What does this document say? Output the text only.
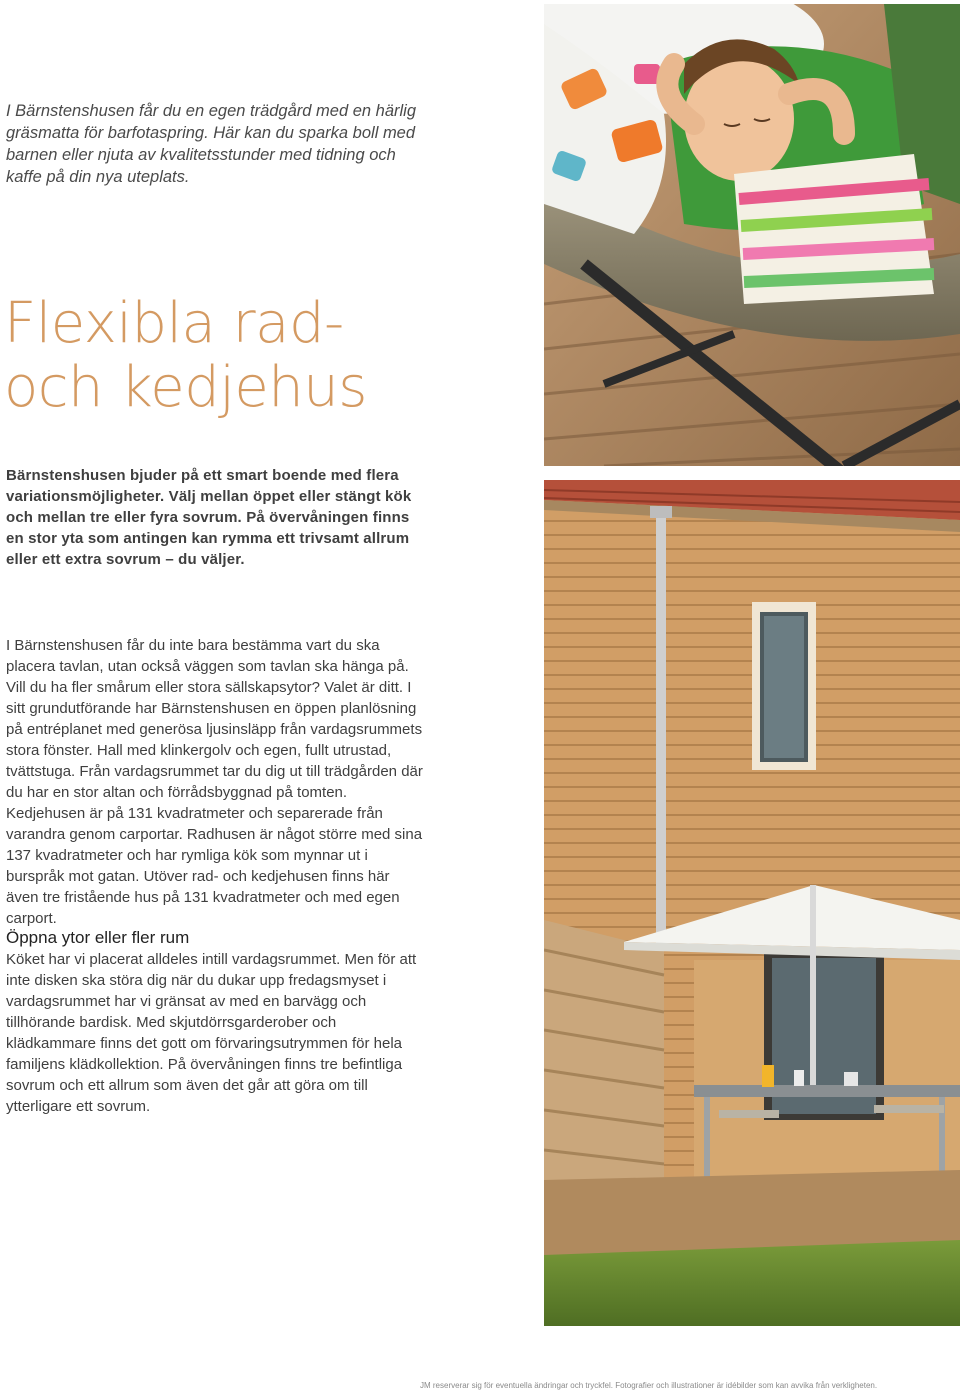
I Bärnstenshusen får du en egen trädgård med en härlig gräsmatta för barfotaspring. Här kan du sparka boll med barnen eller njuta av kvalitetsstunder med tidning och kaffe på din nya uteplats.

Flexibla rad-
och kedjehus

Bärnstenshusen bjuder på ett smart boende med flera variationsmöjligheter. Välj mellan öppet eller stängt kök och mellan tre eller fyra sovrum. På övervåningen finns en stor yta som antingen kan rymma ett trivsamt allrum eller ett extra sovrum – du väljer.

I Bärnstenshusen får du inte bara bestämma vart du ska placera tavlan, utan också väggen som tavlan ska hänga på. Vill du ha fler smårum eller stora sällskapsytor? Valet är ditt. I sitt grundutförande har Bärnstenshusen en öppen planlösning på entréplanet med generösa ljusinsläpp från vardagsrummets stora fönster. Hall med klinkergolv och egen, fullt utrustad, tvättstuga. Från vardagsrummet tar du dig ut till trädgården där du har en stor altan och förrådsbyggnad på tomten. Kedjehusen är på 131 kvadratmeter och separerade från varandra genom carportar. Radhusen är något större med sina 137 kvadratmeter och har rymliga kök som mynnar ut i burspråk mot gatan. Utöver rad- och kedjehusen finns här även tre fristående hus på 131 kvadratmeter och med egen carport.

Öppna ytor eller fler rum

Köket har vi placerat alldeles intill vardagsrummet. Men för att inte disken ska störa dig när du dukar upp fredagsmyset i vardagsrummet har vi gränsat av med en barvägg och tillhörande bardisk. Med skjutdörrsgarderober och klädkammare finns det gott om förvaringsutrymmen för hela familjens klädkollektion. På övervåningen finns tre befintliga sovrum och ett allrum som även det går att göra om till ytterligare ett sovrum.

JM reserverar sig för eventuella ändringar och tryckfel. Fotografier och illustrationer är idébilder som kan avvika från verkligheten.
